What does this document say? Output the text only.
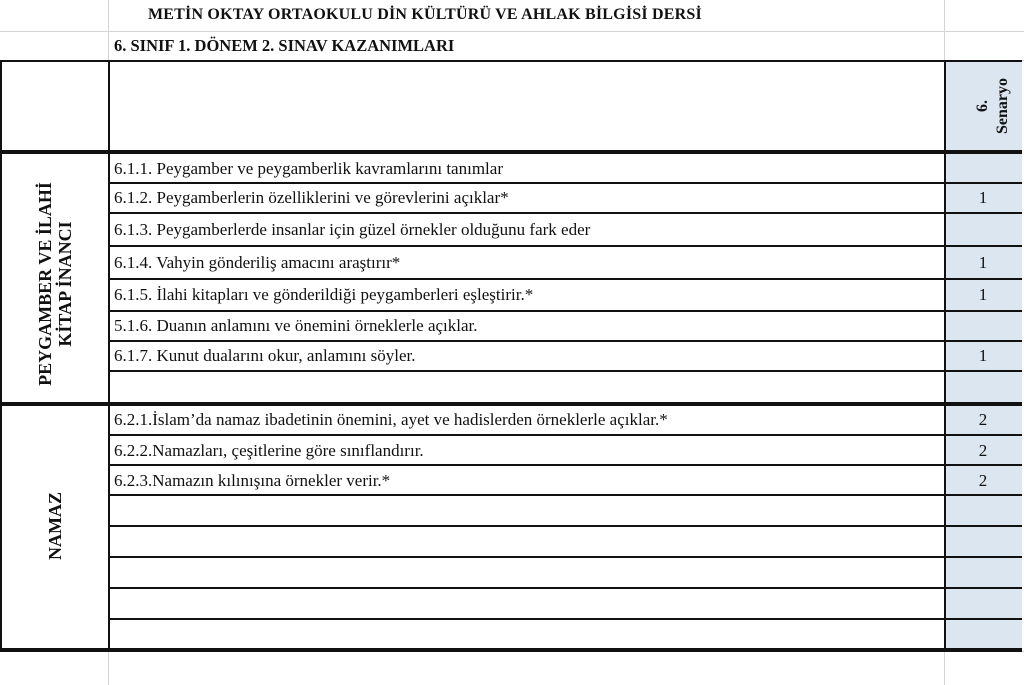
METİN OKTAY ORTAOKULU DİN KÜLTÜRÜ VE AHLAK BİLGİSİ DERSİ
6. SINIF 1. DÖNEM 2. SINAV KAZANIMLARI
6. Senaryo
PEYGAMBER VE İLAHİ
KİTAP İNANCI
NAMAZ
6.1.1. Peygamber ve peygamberlik kavramlarını tanımlar
6.1.2. Peygamberlerin özelliklerini ve görevlerini açıklar*	1
6.1.3. Peygamberlerde insanlar için güzel örnekler olduğunu fark eder
6.1.4. Vahyin gönderiliş amacını araştırır*	1
6.1.5. İlahi kitapları ve gönderildiği peygamberleri eşleştirir.*	1
5.1.6. Duanın anlamını ve önemini örneklerle açıklar.
6.1.7. Kunut dualarını okur, anlamını söyler.	1
6.2.1.İslam’da namaz ibadetinin önemini, ayet ve hadislerden örneklerle açıklar.*	2
6.2.2.Namazları, çeşitlerine göre sınıflandırır.	2
6.2.3.Namazın kılınışına örnekler verir.*	2
